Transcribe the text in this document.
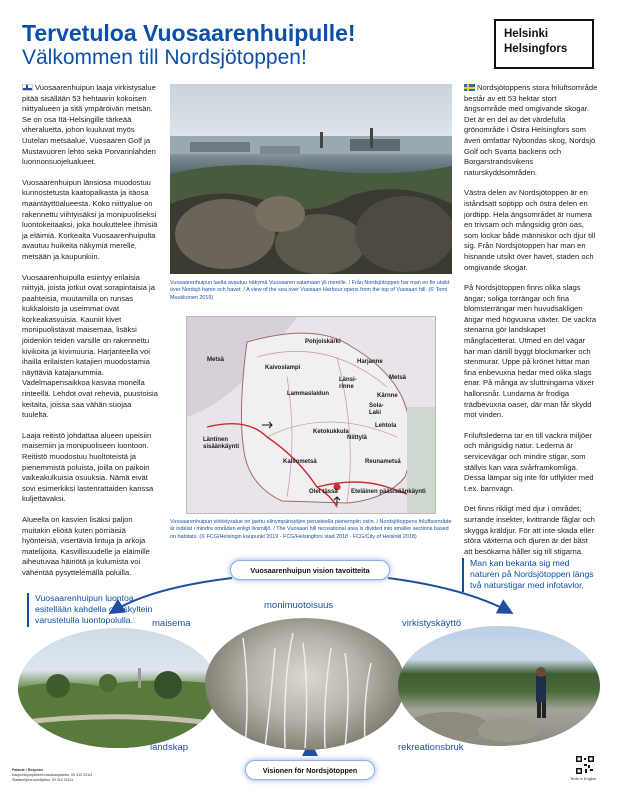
Tervetuloa Vuosaarenhuipulle!
Välkommen till Nordsjötoppen!
Helsinki
Helsingfors

Vuosaarenhuipun laaja virkistysalue pitää sisällään 53 hehtaarin kokoisen niittyalueen ja sitä ympäröivän metsän. Se on osa Itä-Helsingille tärkeää viheraluetta, johon kuuluvat myös Uutelan metsäalue, Vuosaaren Golf ja Mustavuoren lehto sekä Porvarinlahden luonnonsuojelualueet.

Vuosaarenhuipun länsiosa muodostuu kunnostetusta kaatopaikasta ja itäosa maantäyttöalueesta. Koko niittyalue on rakennettu viihtyisäksi ja monipuoliseksi luontokeitaaksi, joka houkuttelee ihmisiä ja eläimiä. Korkealta Vuosaarenhuipulta avautuu huikeita näkymiä merelle, metsään ja kaupunkiin.

Vuosaarenhuipulla esiintyy erilaisia niittyjä, joista jotkut ovat sorapintaisia ja paahteisia, muutamilla on runsas kukkaloisto ja useimmat ovat korkeakasvuisia. Kauniit kivet monipuolistavat maisemaa, lisäksi joidenkin teiden varsille on rakennettu kivikoita ja kivimuuria. Harjanteella voi ihailla erilaisten katajien muodostamia näyttäviä katajanummia. Vadelmapensaikkoa kasvaa monella rinteellä. Lehdot ovat reheviä, puustoisia keitaita, joissa saa vähän suojaa tuulelta.

Laaja reitistö johdattaa alueen upeisiin maisemiin ja monipuoliseen luontoon. Reitistö muodostuu huoltoteistä ja pienemmistä poluista, joilla on paikoin vaikeakulkuisia osuuksia. Nämä eivät sovi esimerkiksi lastenrattaiden kanssa kuljettavaksi.

Alueella on kasvien lisäksi paljon muitakin eliöitä kuten pörriäisiä hyönteisiä, visertäviä lintuja ja arkoja matelijoita. Kasvillisuudelle ja eläimille aiheutuvaa häiriötä ja kulumista voi vähentää pysyttelemällä poluilla.

Nordsjötoppens stora friluftsområde består av ett 53 hektar stort ängsområde med omgivande skogar. Det är en del av det värdefulla grönområde i Östra Helsingfors som även omfattar Nybondas skog, Nordsjö Golf och Svarta backens och Borgarstrandsvikens naturskyddsområden.

Västra delen av Nordsjötoppen är en iståndsatt soptipp och östra delen en jordtipp. Hela ängsområdet är numera en trivsam och mångsidig grön oas, som lockar både människor och djur till sig. Från Nordsjötoppen har man en hisnande utsikt över havet, staden och omgivande skogar.

På Nordsjötoppen finns olika slags ängar; soliga torrängar och fina blomsterrängar men huvudsakligen ängar med högvuxna växter. De vackra stenarna gör landskapet mångfacetterat. Utmed en del vägar har man därtill byggt blockmarker och stenmurar. Uppe på krönet hittar man fina enbevuxna hedar med olika slags enar. På många av sluttningarna växer hallonsnår. Lundarna är frodiga trädbevuxna oaser, där man får skydd mot vinden.

Friluftslederna tar en till vackra miljöer och mångsidig natur. Lederna är servicevägar och mindre stigar, som ställvis kan vara svårframkomliga. Dessa lämpar sig inte för utflykter med t.ex. barnvagn.

Det finns rikligt med djur i området; surrande insekter, kvittrande fåglar och skygga kräldjur. För att inte skada eller störa växterna och djuren är det bäst att besökarna håller sig till stigarna.

Vuosaarenhuipun laelta avautuu näkymä Vuosaaren satamaan yli merelle. / Från Nordsjötoppen har man en fin utsikt över Nordsjö hamn och havet. / A view of the sea over Vuosaari Harbour opens from the top of Vuosaari hill. (© Tomi Muukkonen 2019)
Pohjoiskärki
Harjanne
Metsä
Metsä
Kaivoslampi
Länsi-rinne
Kärnne
Sola-Laki
Lammaslaidun
Lehtola
Ketokukkula
Niittylä
Läntinen sisäänkäynti
Kalliometsä	Reunametsä
Olet tässä Eteläinen pääsisäänkäynti
Vuosaarenhuipun virkistysalue on jaettu elinympäristöjen perusteella pienempiin osiin. / Nordsjötoppens friluftsområde är indelat i mindre områden enligt livsmiljö. / The Vuosaari hill recreational area is divided into smaller sections based on habitats. (© FCG/Helsingin kaupunki 2019 - FCG/Helsingfors stad 2018 - FCG/City of Helsinki 2018)
Vuosaarenhuipun luontoa esitellään kahdella opaskyltein varustetulla luontopolulla.
Man kan bekanta sig med naturen på Nordsjötoppen längs två naturstigar med infotavlor.
Vuosaarenhuipun vision tavoitteita
Visionen för Nordsjötoppen
maisema
monimuotoisuus
virkistyskäyttö
landskap	rekreationsbruk
Palaute / Respons
Kaupunkiympäristön asiakaspalvelu, 09 310 22111
Stadsmiljöns kundtjänst, 09 310 22111	Texts in English
